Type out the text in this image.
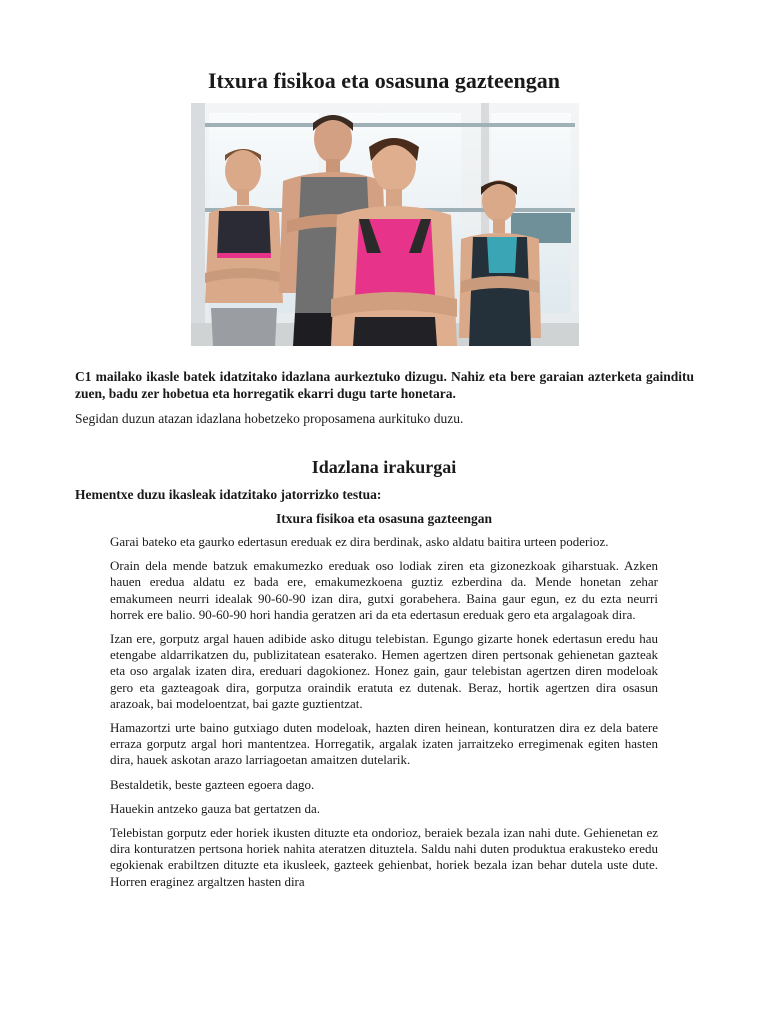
Itxura fisikoa eta osasuna gazteengan
C1 mailako ikasle batek idatzitako idazlana aurkeztuko dizugu. Nahiz eta bere garaian azterketa gainditu zuen, badu zer hobetua eta horregatik ekarri dugu tarte honetara.
Segidan duzun atazan idazlana hobetzeko proposamena aurkituko duzu.
Idazlana irakurgai
Hementxe duzu ikasleak idatzitako jatorrizko testua:
Itxura fisikoa eta osasuna gazteengan

Garai bateko eta gaurko edertasun ereduak ez dira berdinak, asko aldatu baitira urteen poderioz.

Orain dela mende batzuk emakumezko ereduak oso lodiak ziren eta gizonezkoak giharstuak. Azken hauen eredua aldatu ez bada ere, emakumezkoena guztiz ezberdina da. Mende honetan zehar emakumeen neurri idealak 90-60-90 izan dira, gutxi gorabehera. Baina gaur egun, ez du ezta neurri horrek ere balio. 90-60-90 hori handia geratzen ari da eta edertasun ereduak gero eta argalagoak dira.

Izan ere, gorputz argal hauen adibide asko ditugu telebistan. Egungo gizarte honek edertasun eredu hau etengabe aldarrikatzen du, publizitatean esaterako. Hemen agertzen diren pertsonak gehienetan gazteak eta oso argalak izaten dira, ereduari dagokionez. Honez gain, gaur telebistan agertzen diren modeloak gero eta gazteagoak dira, gorputza oraindik eratuta ez dutenak. Beraz, hortik agertzen dira osasun arazoak, bai modeloentzat, bai gazte guztientzat.

Hamazortzi urte baino gutxiago duten modeloak, hazten diren heinean, konturatzen dira ez dela batere erraza gorputz argal hori mantentzea. Horregatik, argalak izaten jarraitzeko erregimenak egiten hasten dira, hauek askotan arazo larriagoetan amaitzen dutelarik.

Bestaldetik, beste gazteen egoera dago.

Hauekin antzeko gauza bat gertatzen da.

Telebistan gorputz eder horiek ikusten dituzte eta ondorioz, beraiek bezala izan nahi dute. Gehienetan ez dira konturatzen pertsona horiek nahita ateratzen dituztela. Saldu nahi duten produktua erakusteko eredu egokienak erabiltzen dituzte eta ikusleek, gazteek gehienbat, horiek bezala izan behar dutela uste dute. Horren eraginez argaltzen hasten dira
